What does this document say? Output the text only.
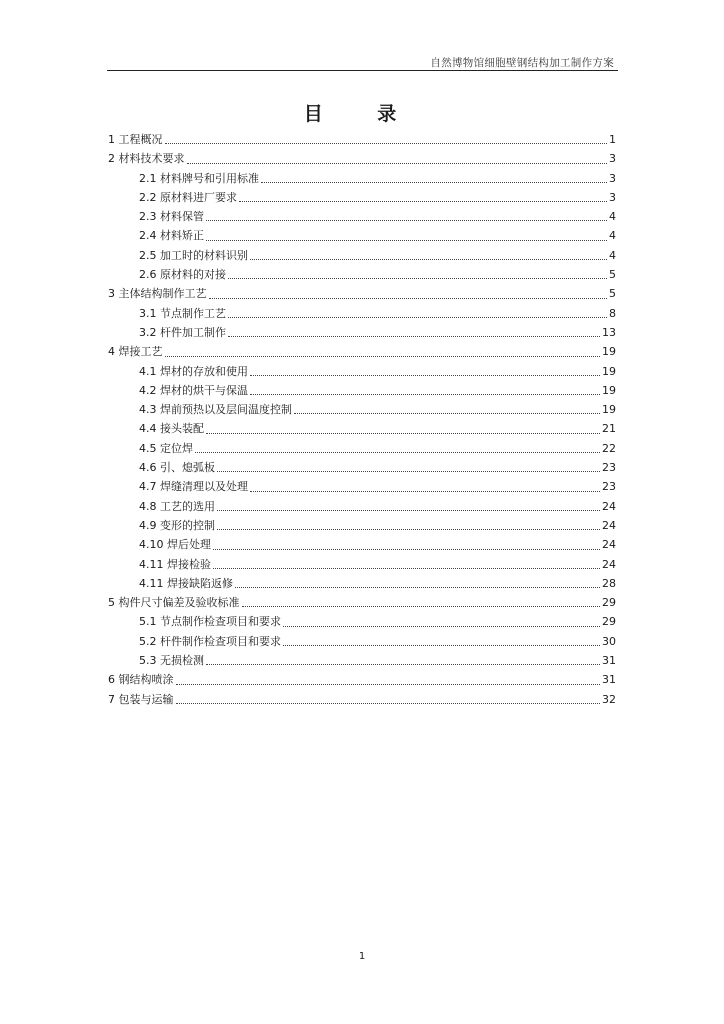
自然博物馆细胞壁钢结构加工制作方案
目 录
1 工程概况	1
2 材料技术要求	3
2.1 材料牌号和引用标准	3
2.2 原材料进厂要求	3
2.3 材料保管	4
2.4 材料矫正	4
2.5 加工时的材料识别	4
2.6 原材料的对接	5
3 主体结构制作工艺	5
3.1 节点制作工艺	8
3.2 杆件加工制作	13
4 焊接工艺	19
4.1 焊材的存放和使用	19
4.2 焊材的烘干与保温	19
4.3 焊前预热以及层间温度控制	19
4.4 接头装配	21
4.5 定位焊	22
4.6 引、熄弧板	23
4.7 焊缝清理以及处理	23
4.8 工艺的选用	24
4.9 变形的控制	24
4.10 焊后处理	24
4.11 焊接检验	24
4.11 焊接缺陷返修	28
5 构件尺寸偏差及验收标准	29
5.1 节点制作检查项目和要求	29
5.2 杆件制作检查项目和要求	30
5.3 无损检测	31
6 钢结构喷涂	31
7 包装与运输	32
1
